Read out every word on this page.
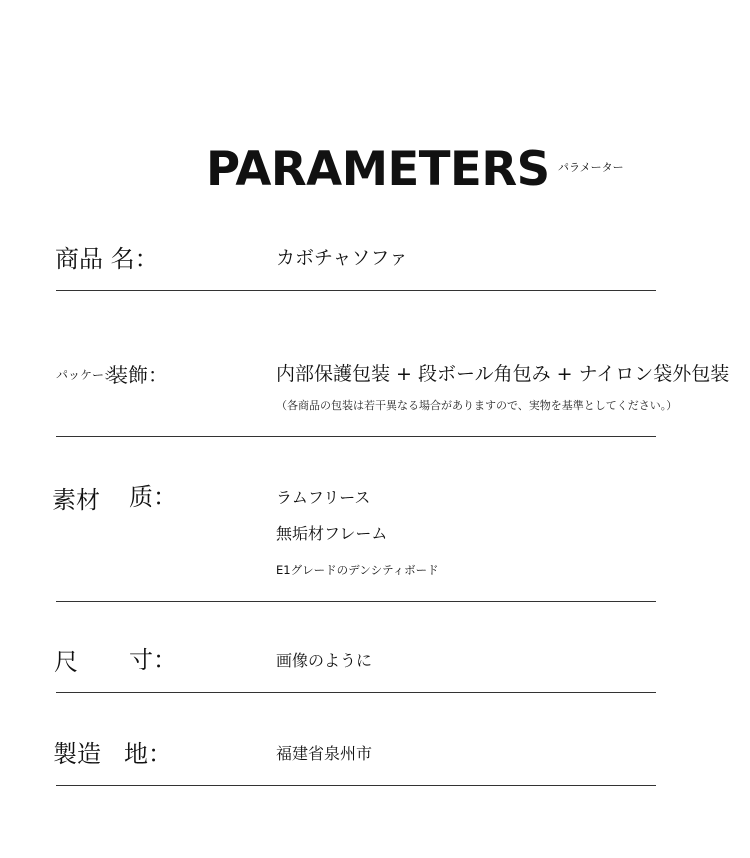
PARAMETERS パラメーター
商品 名：	カボチャソファ
パッケージ
装飾：	内部保護包装 + 段ボール角包み + ナイロン袋外包装
（各商品の包装は若干異なる場合がありますので、実物を基準としてください。）
素材 质：	ラムフリース
無垢材フレーム
E1グレードのデンシティボード
尺 寸：	画像のように
製造 地：	福建省泉州市
